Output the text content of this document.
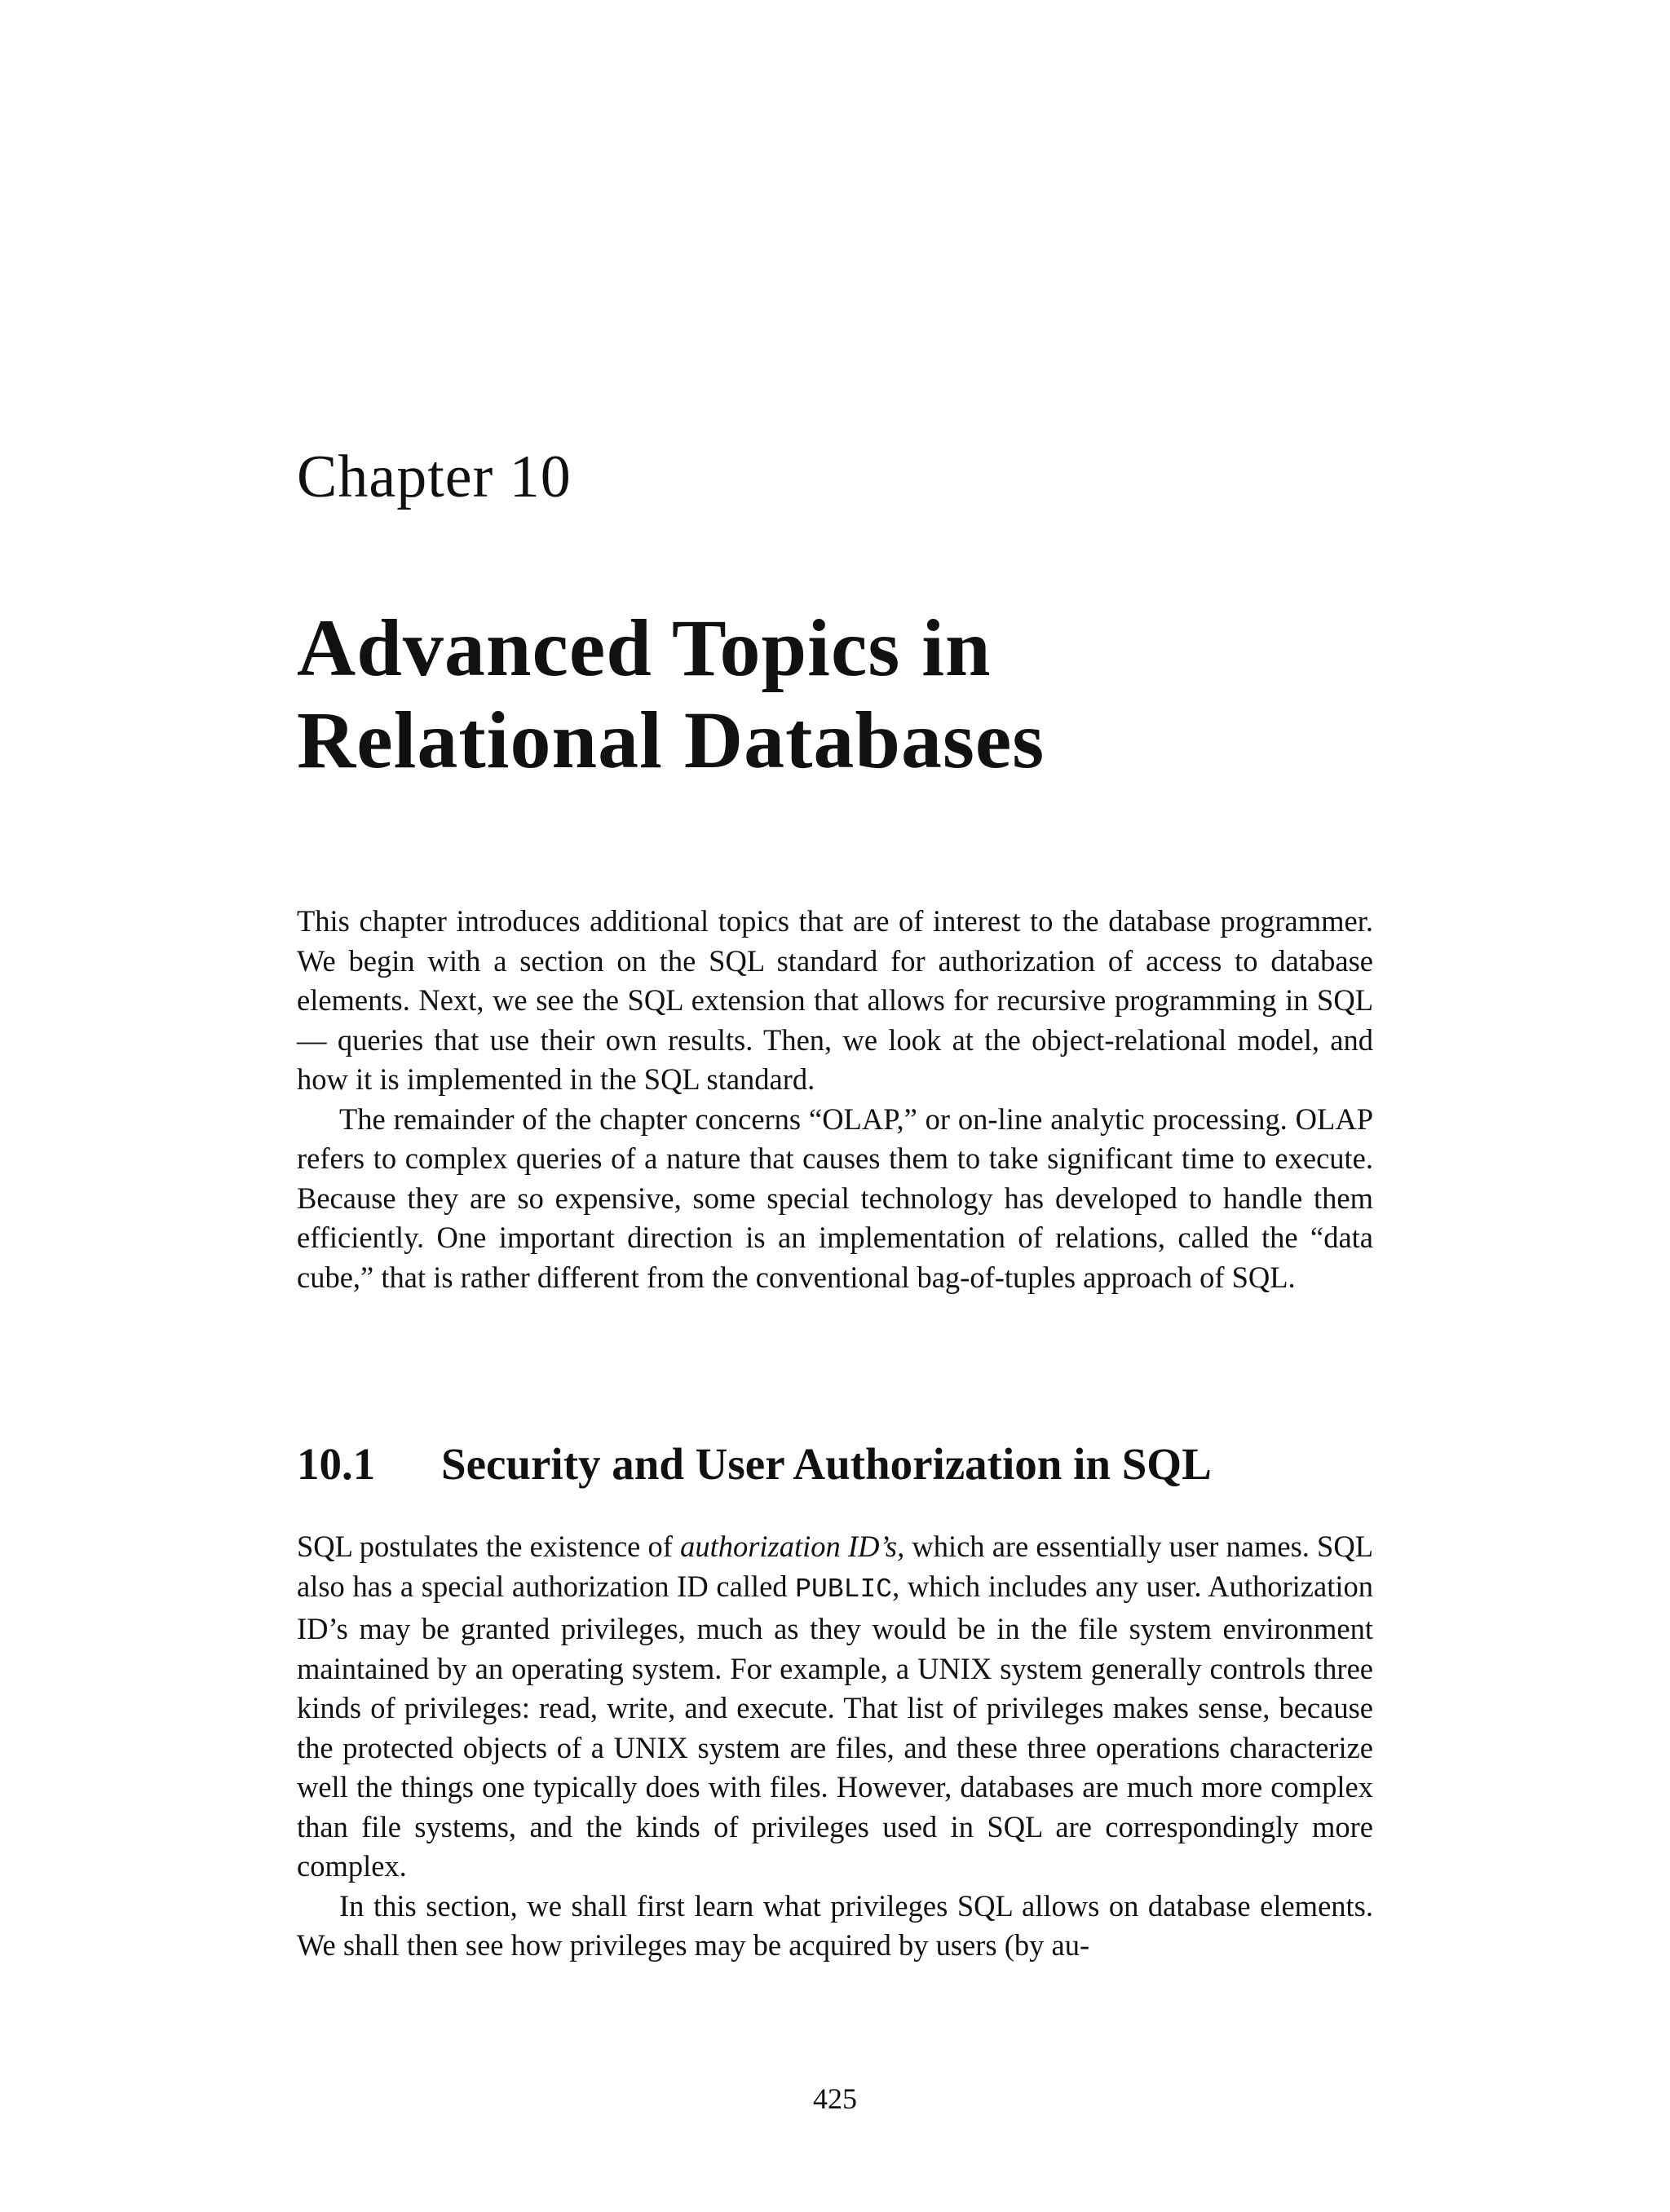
Chapter 10
Advanced Topics in
Relational Databases

This chapter introduces additional topics that are of interest to the database programmer. We begin with a section on the SQL standard for authorization of access to database elements. Next, we see the SQL extension that allows for recursive programming in SQL — queries that use their own results. Then, we look at the object-relational model, and how it is implemented in the SQL standard.

The remainder of the chapter concerns “OLAP,” or on-line analytic processing. OLAP refers to complex queries of a nature that causes them to take significant time to execute. Because they are so expensive, some special technology has developed to handle them efficiently. One important direction is an implementation of relations, called the “data cube,” that is rather different from the conventional bag-of-tuples approach of SQL.

10.1 Security and User Authorization in SQL

SQL postulates the existence of authorization ID’s, which are essentially user names. SQL also has a special authorization ID called PUBLIC, which includes any user. Authorization ID’s may be granted privileges, much as they would be in the file system environment maintained by an operating system. For example, a UNIX system generally controls three kinds of privileges: read, write, and execute. That list of privileges makes sense, because the protected objects of a UNIX system are files, and these three operations characterize well the things one typically does with files. However, databases are much more complex than file systems, and the kinds of privileges used in SQL are correspondingly more complex.

In this section, we shall first learn what privileges SQL allows on database elements. We shall then see how privileges may be acquired by users (by au-

425
